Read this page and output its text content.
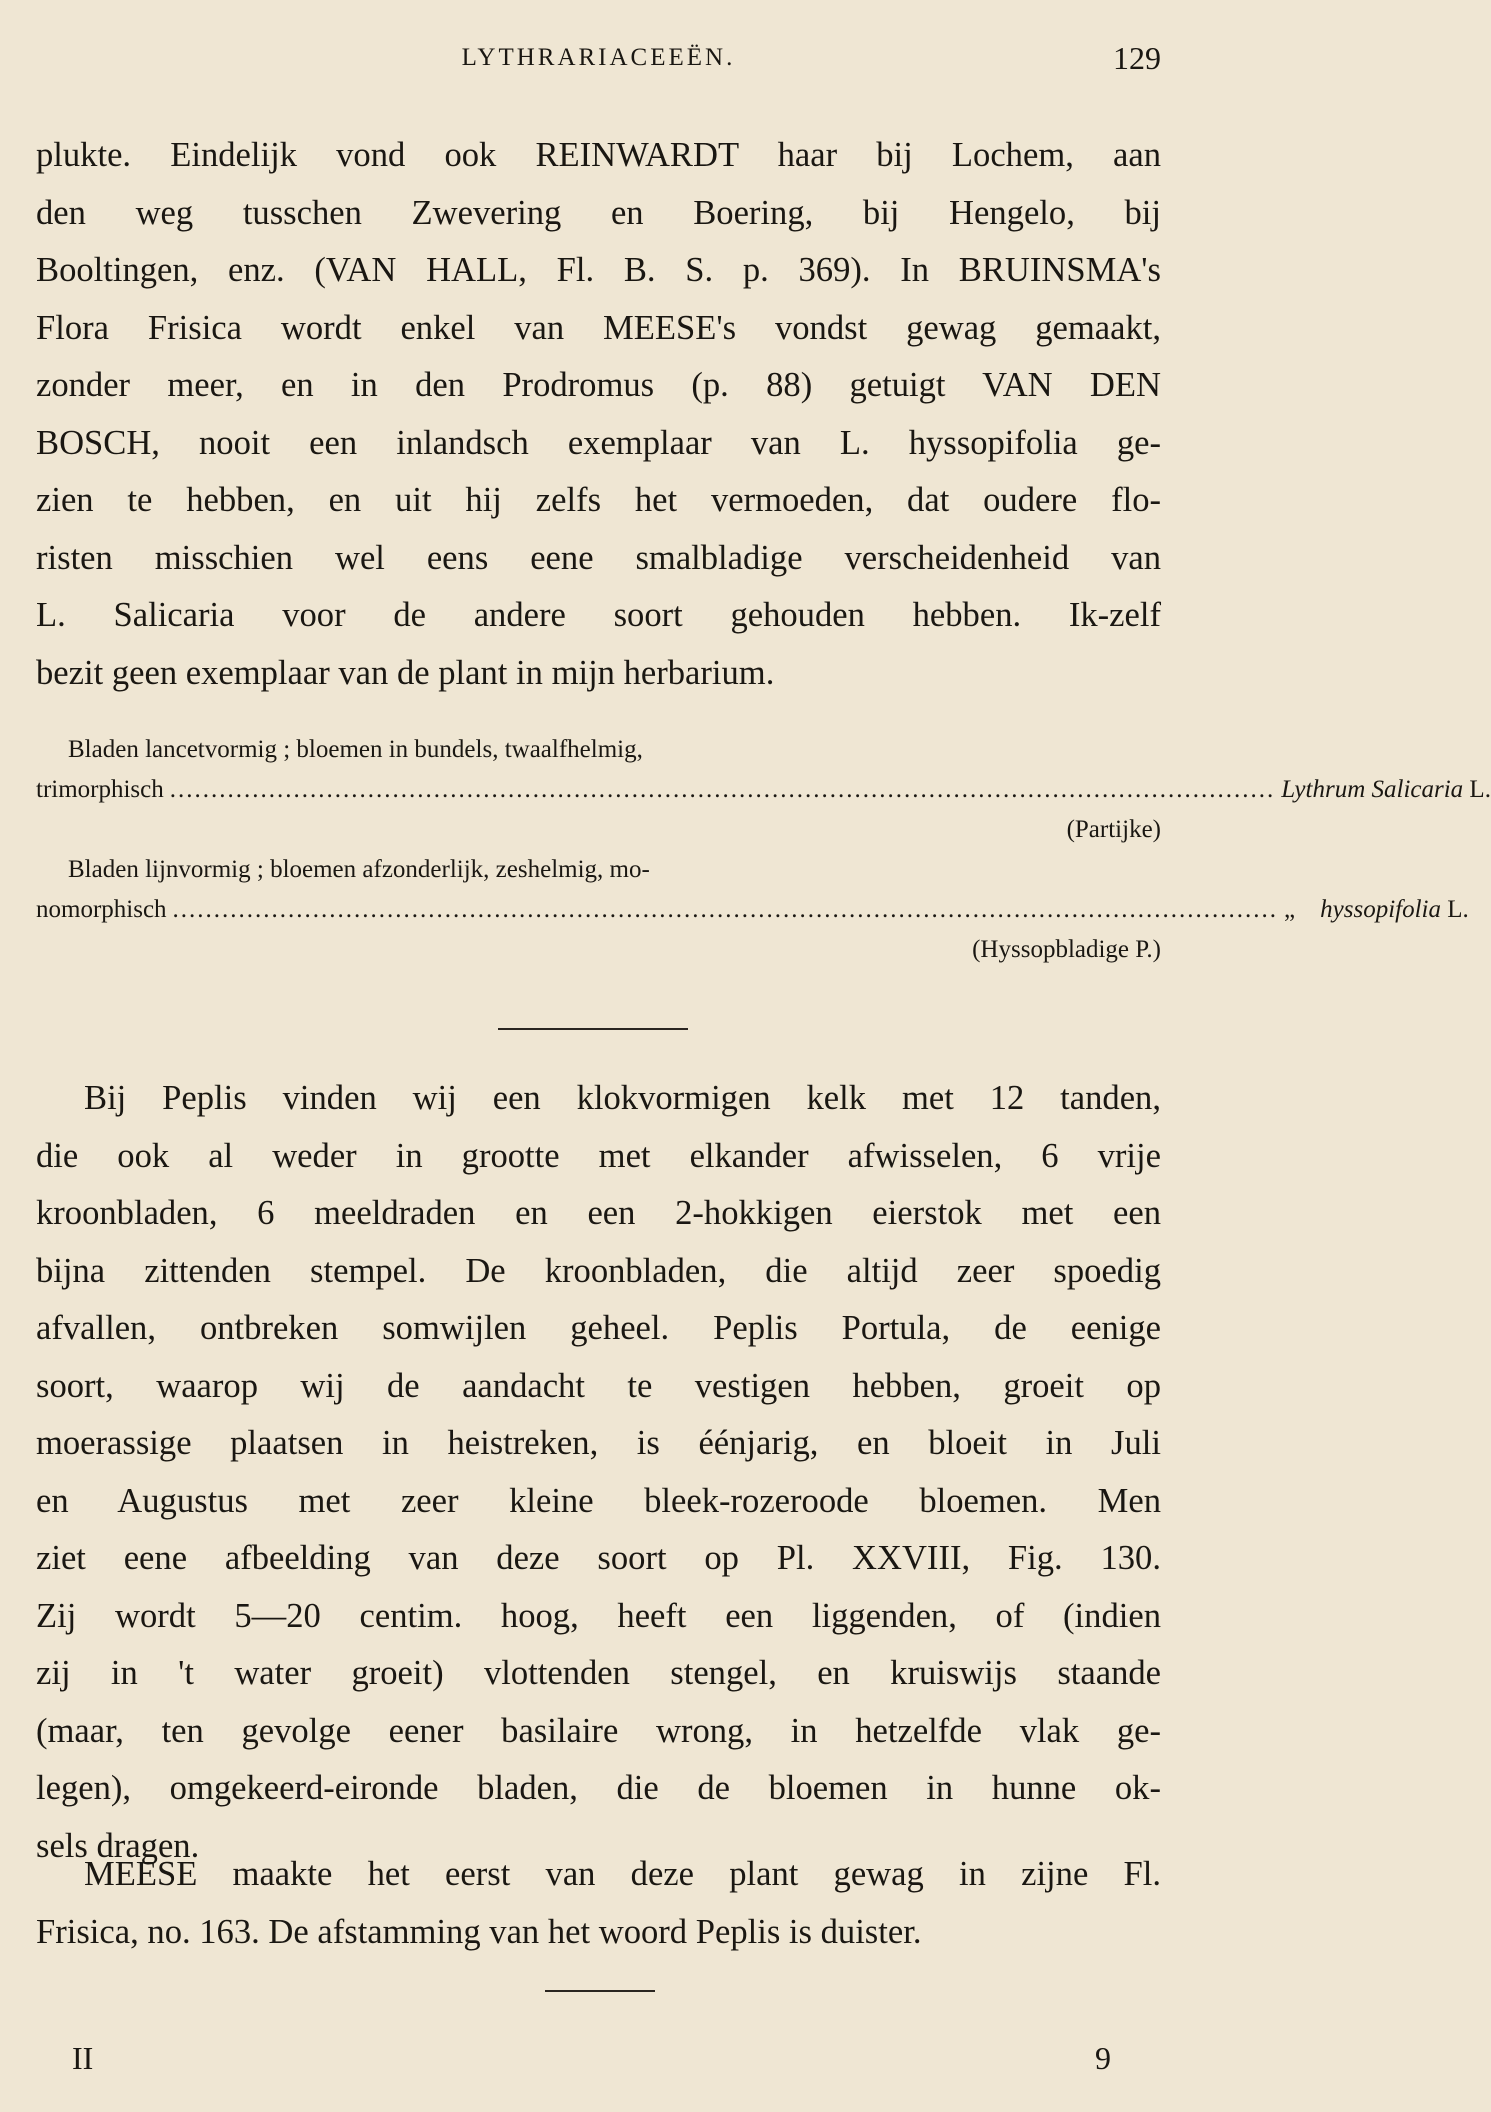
LYTHRARIACEEËN.	129
plukte. Eindelijk vond ook REINWARDT haar bij Lochem, aan
den weg tusschen Zwevering en Boering, bij Hengelo, bij
Booltingen, enz. (VAN HALL, Fl. B. S. p. 369). In BRUINSMA's
Flora Frisica wordt enkel van MEESE's vondst gewag gemaakt,
zonder meer, en in den Prodromus (p. 88) getuigt VAN DEN
BOSCH, nooit een inlandsch exemplaar van L. hyssopifolia ge-
zien te hebben, en uit hij zelfs het vermoeden, dat oudere flo-
risten misschien wel eens eene smalbladige verscheidenheid van
L. Salicaria voor de andere soort gehouden hebben. Ik-zelf
bezit geen exemplaar van de plant in mijn herbarium.
Bladen lancetvormig ; bloemen in bundels, twaalfhelmig,
trimorphisch ...................................................................................................................................... Lythrum Salicaria
L.
(Partijke)
Bladen lijnvormig ; bloemen afzonderlijk, zeshelmig, mo-
nomorphisch ...................................................................................................................................... „
hyssopifolia
L.
(Hyssopbladige P.)
Bij Peplis vinden wij een klokvormigen kelk met 12 tanden,
die ook al weder in grootte met elkander afwisselen, 6 vrije
kroonbladen, 6 meeldraden en een 2-hokkigen eierstok met een
bijna zittenden stempel. De kroonbladen, die altijd zeer spoedig
afvallen, ontbreken somwijlen geheel. Peplis Portula, de eenige
soort, waarop wij de aandacht te vestigen hebben, groeit op
moerassige plaatsen in heistreken, is éénjarig, en bloeit in Juli
en Augustus met zeer kleine bleek-rozeroode bloemen. Men
ziet eene afbeelding van deze soort op Pl. XXVIII, Fig. 130.
Zij wordt 5—20 centim. hoog, heeft een liggenden, of (indien
zij in 't water groeit) vlottenden stengel, en kruiswijs staande
(maar, ten gevolge eener basilaire wrong, in hetzelfde vlak ge-
legen), omgekeerd-eironde bladen, die de bloemen in hunne ok-
sels dragen.
MEESE maakte het eerst van deze plant gewag in zijne Fl.
Frisica, no. 163. De afstamming van het woord Peplis is duister.
II	9
